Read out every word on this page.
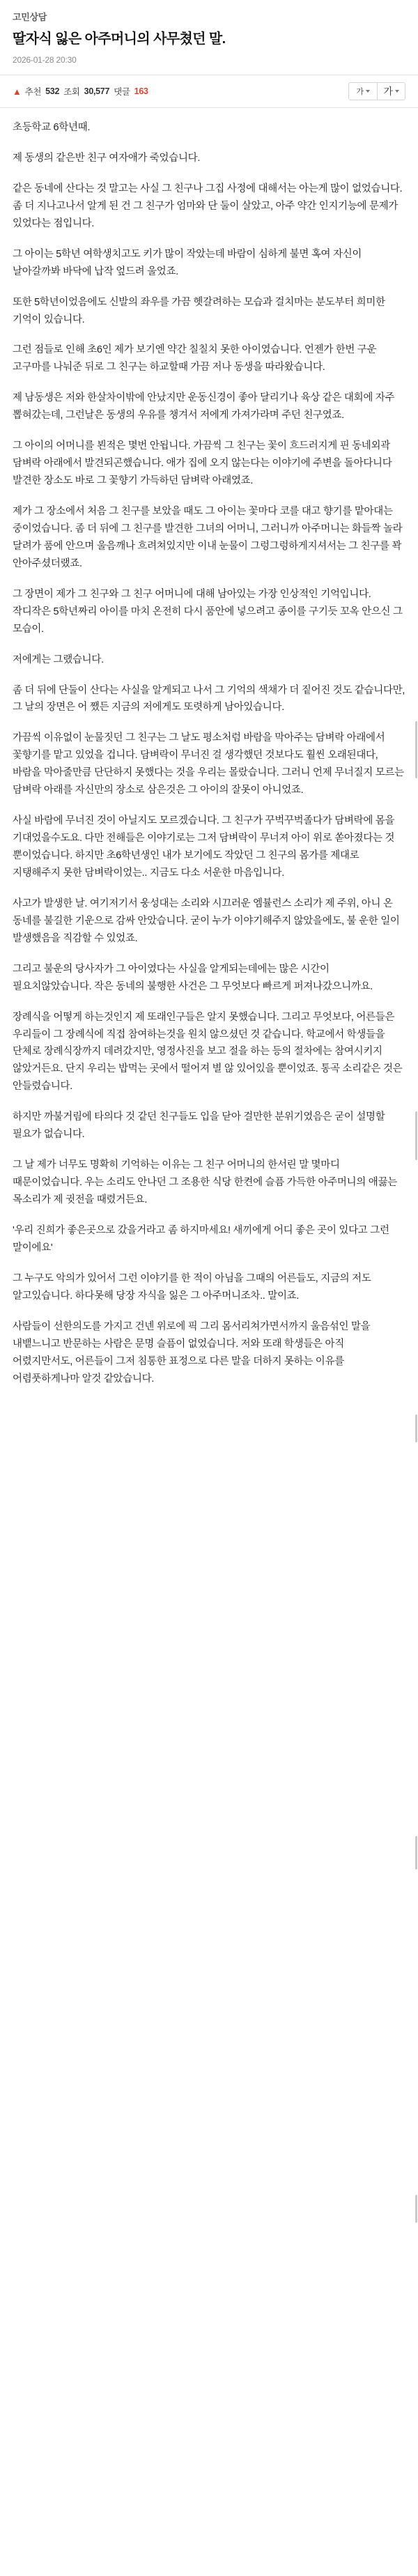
고민상담
딸자식 잃은 아주머니의 사무쳤던 말.
2026-01-28 20:30
▲ 추천 532 조회 30,577 댓글 163	가 가

초등학교 6학년때.

제 동생의 같은반 친구 여자애가 죽었습니다.

같은 동네에 산다는 것 말고는 사실 그 친구나 그집 사정에 대해서는 아는게 많이 없었습니다. 좀 더 지나고나서 알게 된 건 그 친구가 엄마와 단 둘이 살았고, 아주 약간 인지기능에 문제가 있었다는 점입니다.

그 아이는 5학년 여학생치고도 키가 많이 작았는데 바람이 심하게 불면 혹여 자신이 날아갈까봐 바닥에 납작 엎드려 울었죠.

또한 5학년이었음에도 신발의 좌우를 가끔 헷갈려하는 모습과 걸치마는 분도부터 희미한 기억이 있습니다.

그런 점들로 인해 초6인 제가 보기엔 약간 칠칠치 못한 아이였습니다. 언젠가 한번 구운 고구마를 나눠준 뒤로 그 친구는 하교할때 가끔 저나 동생을 따라왔습니다.

제 남동생은 저와 한살차이밖에 안났지만 운동신경이 좋아 달리기나 육상 같은 대회에 자주 뽑혀갔는데, 그런날은 동생의 우유를 챙겨서 저에게 가져가라며 주던 친구였죠.

그 아이의 어머니를 뵌적은 몇번 안됩니다. 가끔씩 그 친구는 꽃이 흐드러지게 핀 동네외곽 담벼락 아래에서 발견되곤했습니다. 애가 집에 오지 않는다는 이야기에 주변을 돌아다니다 발견한 장소도 바로 그 꽃향기 가득하던 담벼락 아래였죠.

제가 그 장소에서 처음 그 친구를 보았을 때도 그 아이는 꽃마다 코를 대고 향기를 맡아대는 중이었습니다. 좀 더 뒤에 그 친구를 발견한 그녀의 어머니, 그러니까 아주머니는 화들짝 놀라 달려가 품에 안으며 울음깨나 흐려쳐있지만 이내 눈물이 그렁그렁하게지셔서는 그 친구를 꽉 안아주셨더랬죠.

그 장면이 제가 그 친구와 그 친구 어머니에 대해 남아있는 가장 인상적인 기억입니다. 작디작은 5학년짜리 아이를 마치 온전히 다시 품안에 넣으려고 종이를 구기듯 꼬옥 안으신 그 모습이.

저에게는 그랬습니다.

좀 더 뒤에 단둘이 산다는 사실을 알게되고 나서 그 기억의 색채가 더 짙어진 것도 같습니다만, 그 날의 장면은 어 쨌든 지금의 저에게도 또렷하게 남아있습니다.

가끔씩 이유없이 눈물짓던 그 친구는 그 날도 평소처럼 바람을 막아주는 담벼락 아래에서 꽃향기를 맡고 있었을 겁니다. 담벼락이 무너진 걸 생각했던 것보다도 훨씬 오래된대다, 바람을 막아줄만큼 단단하지 못했다는 것을 우리는 몰랐습니다. 그러니 언제 무너질지 모르는 담벼락 아래를 자신만의 장소로 삼은것은 그 아이의 잘못이 아니었죠.

사실 바람에 무너진 것이 아닐지도 모르겠습니다. 그 친구가 꾸벅꾸벅졸다가 담벼락에 몸을 기대었을수도요. 다만 전해들은 이야기로는 그저 담벼락이 무너져 아이 위로 쏟아졌다는 것 뿐이었습니다. 하지만 초6학년생인 내가 보기에도 작았던 그 친구의 몸가를 제대로 지탱해주지 못한 담벼락이었는.. 지금도 다소 서운한 마음입니다.

사고가 발생한 날. 여기저기서 웅성대는 소리와 시끄러운 엠뷸런스 소리가 제 주위, 아니 온 동네를 불길한 기운으로 감싸 안았습니다. 굳이 누가 이야기해주지 않았을에도, 불 운한 일이 발생했음을 직감할 수 있었죠.

그리고 불운의 당사자가 그 아이였다는 사실을 알게되는데에는 많은 시간이 필요치않았습니다. 작은 동네의 불행한 사건은 그 무엇보다 빠르게 퍼져나갔으니까요.

장례식을 어떻게 하는것인지 제 또래인구들은 알지 못했습니다. 그리고 무엇보다, 어른들은 우리들이 그 장례식에 직접 참여하는것을 원치 않으셨던 것 같습니다. 학교에서 학생들을 단체로 장례식장까지 데려갔지만, 영정사진을 보고 절을 하는 등의 절차에는 참여시키지 않았거든요. 단지 우리는 밥먹는 곳에서 떨어져 별 않 있어있을 뿐이었죠. 통곡 소리같은 것은 안들렸습니다.

하지만 까불거림에 타의다 것 같던 친구들도 입을 닫아 걸만한 분위기였음은 굳이 설명할 필요가 없습니다.

그 날 제가 너무도 명확히 기억하는 이유는 그 친구 어머니의 한서린 말 몇마디 때문이었습니다. 우는 소리도 안나던 그 조용한 식당 한켠에 슬픔 가득한 아주머니의 애끓는 목소리가 제 귓전을 때렸거든요.

'우리 진희가 좋은곳으로 갔을거라고 좀 하지마세요! 새끼에게 어디 좋은 곳이 있다고 그런 말이에요'

그 누구도 악의가 있어서 그런 이야기를 한 적이 아님을 그때의 어른들도, 지금의 저도 알고있습니다. 하다못해 당장 자식을 잃은 그 아주머니조차.. 말이죠.

사람들이 선한의도를 가지고 건넨 위로에 픽 그리 몸서리쳐가면서까지 울음섞인 말을 내뱉느니고 반문하는 사람은 문명 슬픔이 없었습니다. 저와 또래 학생들은 아직 어렸지만서도, 어른들이 그저 침통한 표정으로 다른 말을 더하지 못하는 이유를 어렴풋하게나마 알것 같았습니다.
